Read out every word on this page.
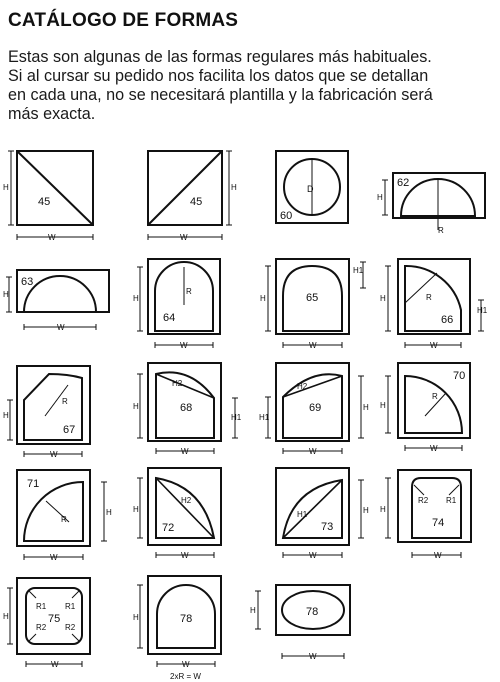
CATÁLOGO DE FORMAS
Estas son algunas de las formas regulares más habituales.
Si al cursar su pedido nos facilita los datos que se detallan
en cada una, no se necesitará plantilla y la fabricación será
más exacta.
45
H
W
45
H
W
D
60
R
62
H
63
H
W
R
64
H
W
65
H
H1
W
R
66
H
H1
W
R
67
H
W
H2
68
H
H1
W
H2
69
H1
H
W
R
70
H
W
R
71
H
W
H2
72
H
W
H1
73
H
W
R2 R1
74
H
W
R1 R1
R2 R2
75
H
W
78
H
W
2xR = W
78
H
W
